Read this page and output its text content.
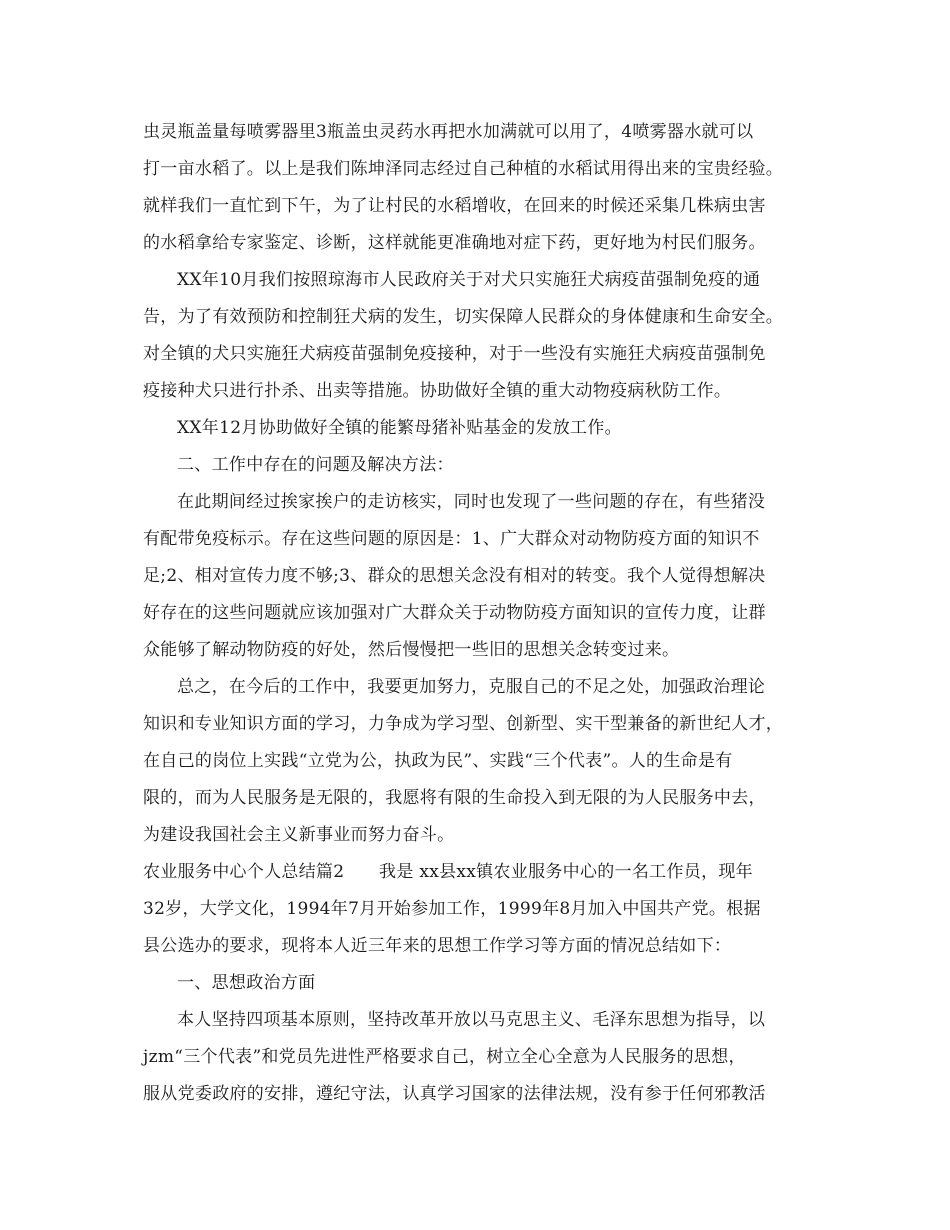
虫灵瓶盖量每喷雾器里3瓶盖虫灵药水再把水加满就可以用了，4喷雾器水就可以
打一亩水稻了。以上是我们陈坤泽同志经过自己种植的水稻试用得出来的宝贵经验。
就样我们一直忙到下午，为了让村民的水稻增收，在回来的时候还采集几株病虫害
的水稻拿给专家鉴定、诊断，这样就能更准确地对症下药，更好地为村民们服务。
XX年10月我们按照琼海市人民政府关于对犬只实施狂犬病疫苗强制免疫的通
告，为了有效预防和控制狂犬病的发生，切实保障人民群众的身体健康和生命安全。
对全镇的犬只实施狂犬病疫苗强制免疫接种，对于一些没有实施狂犬病疫苗强制免
疫接种犬只进行扑杀、出卖等措施。协助做好全镇的重大动物疫病秋防工作。
XX年12月协助做好全镇的能繁母猪补贴基金的发放工作。
二、工作中存在的问题及解决方法：
在此期间经过挨家挨户的走访核实，同时也发现了一些问题的存在，有些猪没
有配带免疫标示。存在这些问题的原因是：1、广大群众对动物防疫方面的知识不
足;2、相对宣传力度不够;3、群众的思想关念没有相对的转变。我个人觉得想解决
好存在的这些问题就应该加强对广大群众关于动物防疫方面知识的宣传力度，让群
众能够了解动物防疫的好处，然后慢慢把一些旧的思想关念转变过来。
总之，在今后的工作中，我要更加努力，克服自己的不足之处，加强政治理论
知识和专业知识方面的学习，力争成为学习型、创新型、实干型兼备的新世纪人才，
在自己的岗位上实践“立党为公，执政为民”、实践“三个代表”。人的生命是有
限的，而为人民服务是无限的，我愿将有限的生命投入到无限的为人民服务中去，
为建设我国社会主义新事业而努力奋斗。
农业服务中心个人总结篇2　　我是 xx县xx镇农业服务中心的一名工作员，现年
32岁，大学文化，1994年7月开始参加工作，1999年8月加入中国共产党。根据
县公选办的要求，现将本人近三年来的思想工作学习等方面的情况总结如下：
一、思想政治方面
本人坚持四项基本原则，坚持改革开放以马克思主义、毛泽东思想为指导，以
jzm“三个代表”和党员先进性严格要求自己，树立全心全意为人民服务的思想，
服从党委政府的安排，遵纪守法，认真学习国家的法律法规，没有参于任何邪教活
